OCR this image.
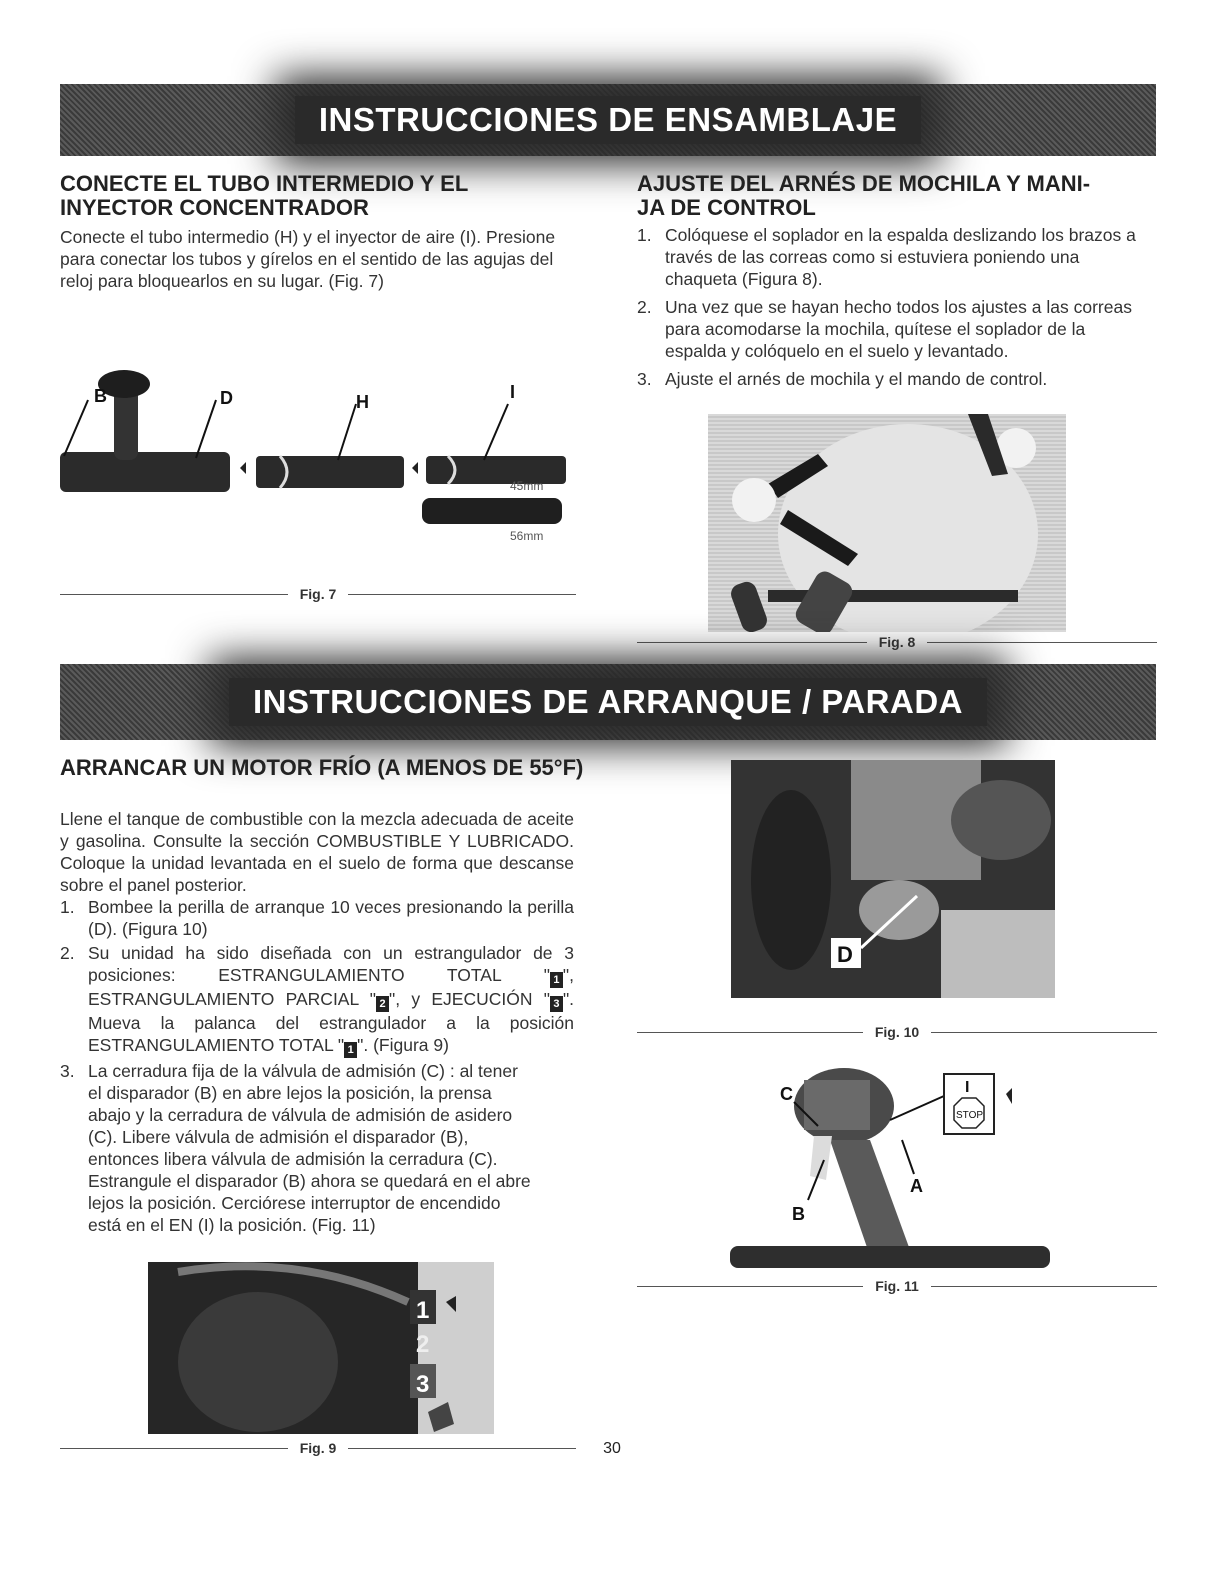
INSTRUCCIONES DE ENSAMBLAJE
CONECTE EL TUBO INTERMEDIO Y EL INYECTOR CONCENTRADOR

Conecte el tubo intermedio (H) y el inyector de aire (I). Presione para conectar los tubos y gírelos en el sentido de las agujas del reloj para bloquearlos en su lugar. (Fig. 7)

B	D	H	I
45mm
56mm
Fig. 7
AJUSTE DEL ARNÉS DE MOCHILA Y MANI-JA DE CONTROL
1. Colóquese el soplador en la espalda deslizando los brazos a través de las correas como si estuviera poniendo una chaqueta (Figura 8).
2. Una vez que se hayan hecho todos los ajustes a las correas para acomodarse la mochila, quítese el soplador de la espalda y colóquelo en el suelo y levantado.
3. Ajuste el arnés de mochila y el mando de control.
Fig. 8
INSTRUCCIONES DE ARRANQUE / PARADA
ARRANCAR UN MOTOR FRÍO (A MENOS DE 55°F)

Llene el tanque de combustible con la mezcla adecuada de aceite y gasolina. Consulte la sección COMBUSTIBLE Y LUBRICADO. Coloque la unidad levantada en el suelo de forma que descanse sobre el panel posterior.

1. Bombee la perilla de arranque 10 veces presionando la perilla (D). (Figura 10)
2. Su unidad ha sido diseñada con un estrangulador de 3 posiciones: ESTRANGULAMIENTO TOTAL " 1 ", ESTRANGULAMIENTO PARCIAL " 2 ", y EJECUCIÓN " 3 ". Mueva la palanca del estrangulador a la posición ESTRANGULAMIENTO TOTAL " 1 ". (Figura 9)
3. La cerradura fija de la válvula de admisión (C) : al tener el disparador (B) en abre lejos la posición, la prensa abajo y la cerradura de válvula de admisión de asidero (C). Libere válvula de admisión el disparador (B), entonces libera válvula de admisión la cerradura (C). Estrangule el disparador (B) ahora se quedará en el abre lejos la posición. Cerciórese interruptor de encendido está en el EN (I) la posición. (Fig. 11)
1
2
3
Fig. 9
D
Fig. 10
I
STOP
C
A
B
Fig. 11
30
